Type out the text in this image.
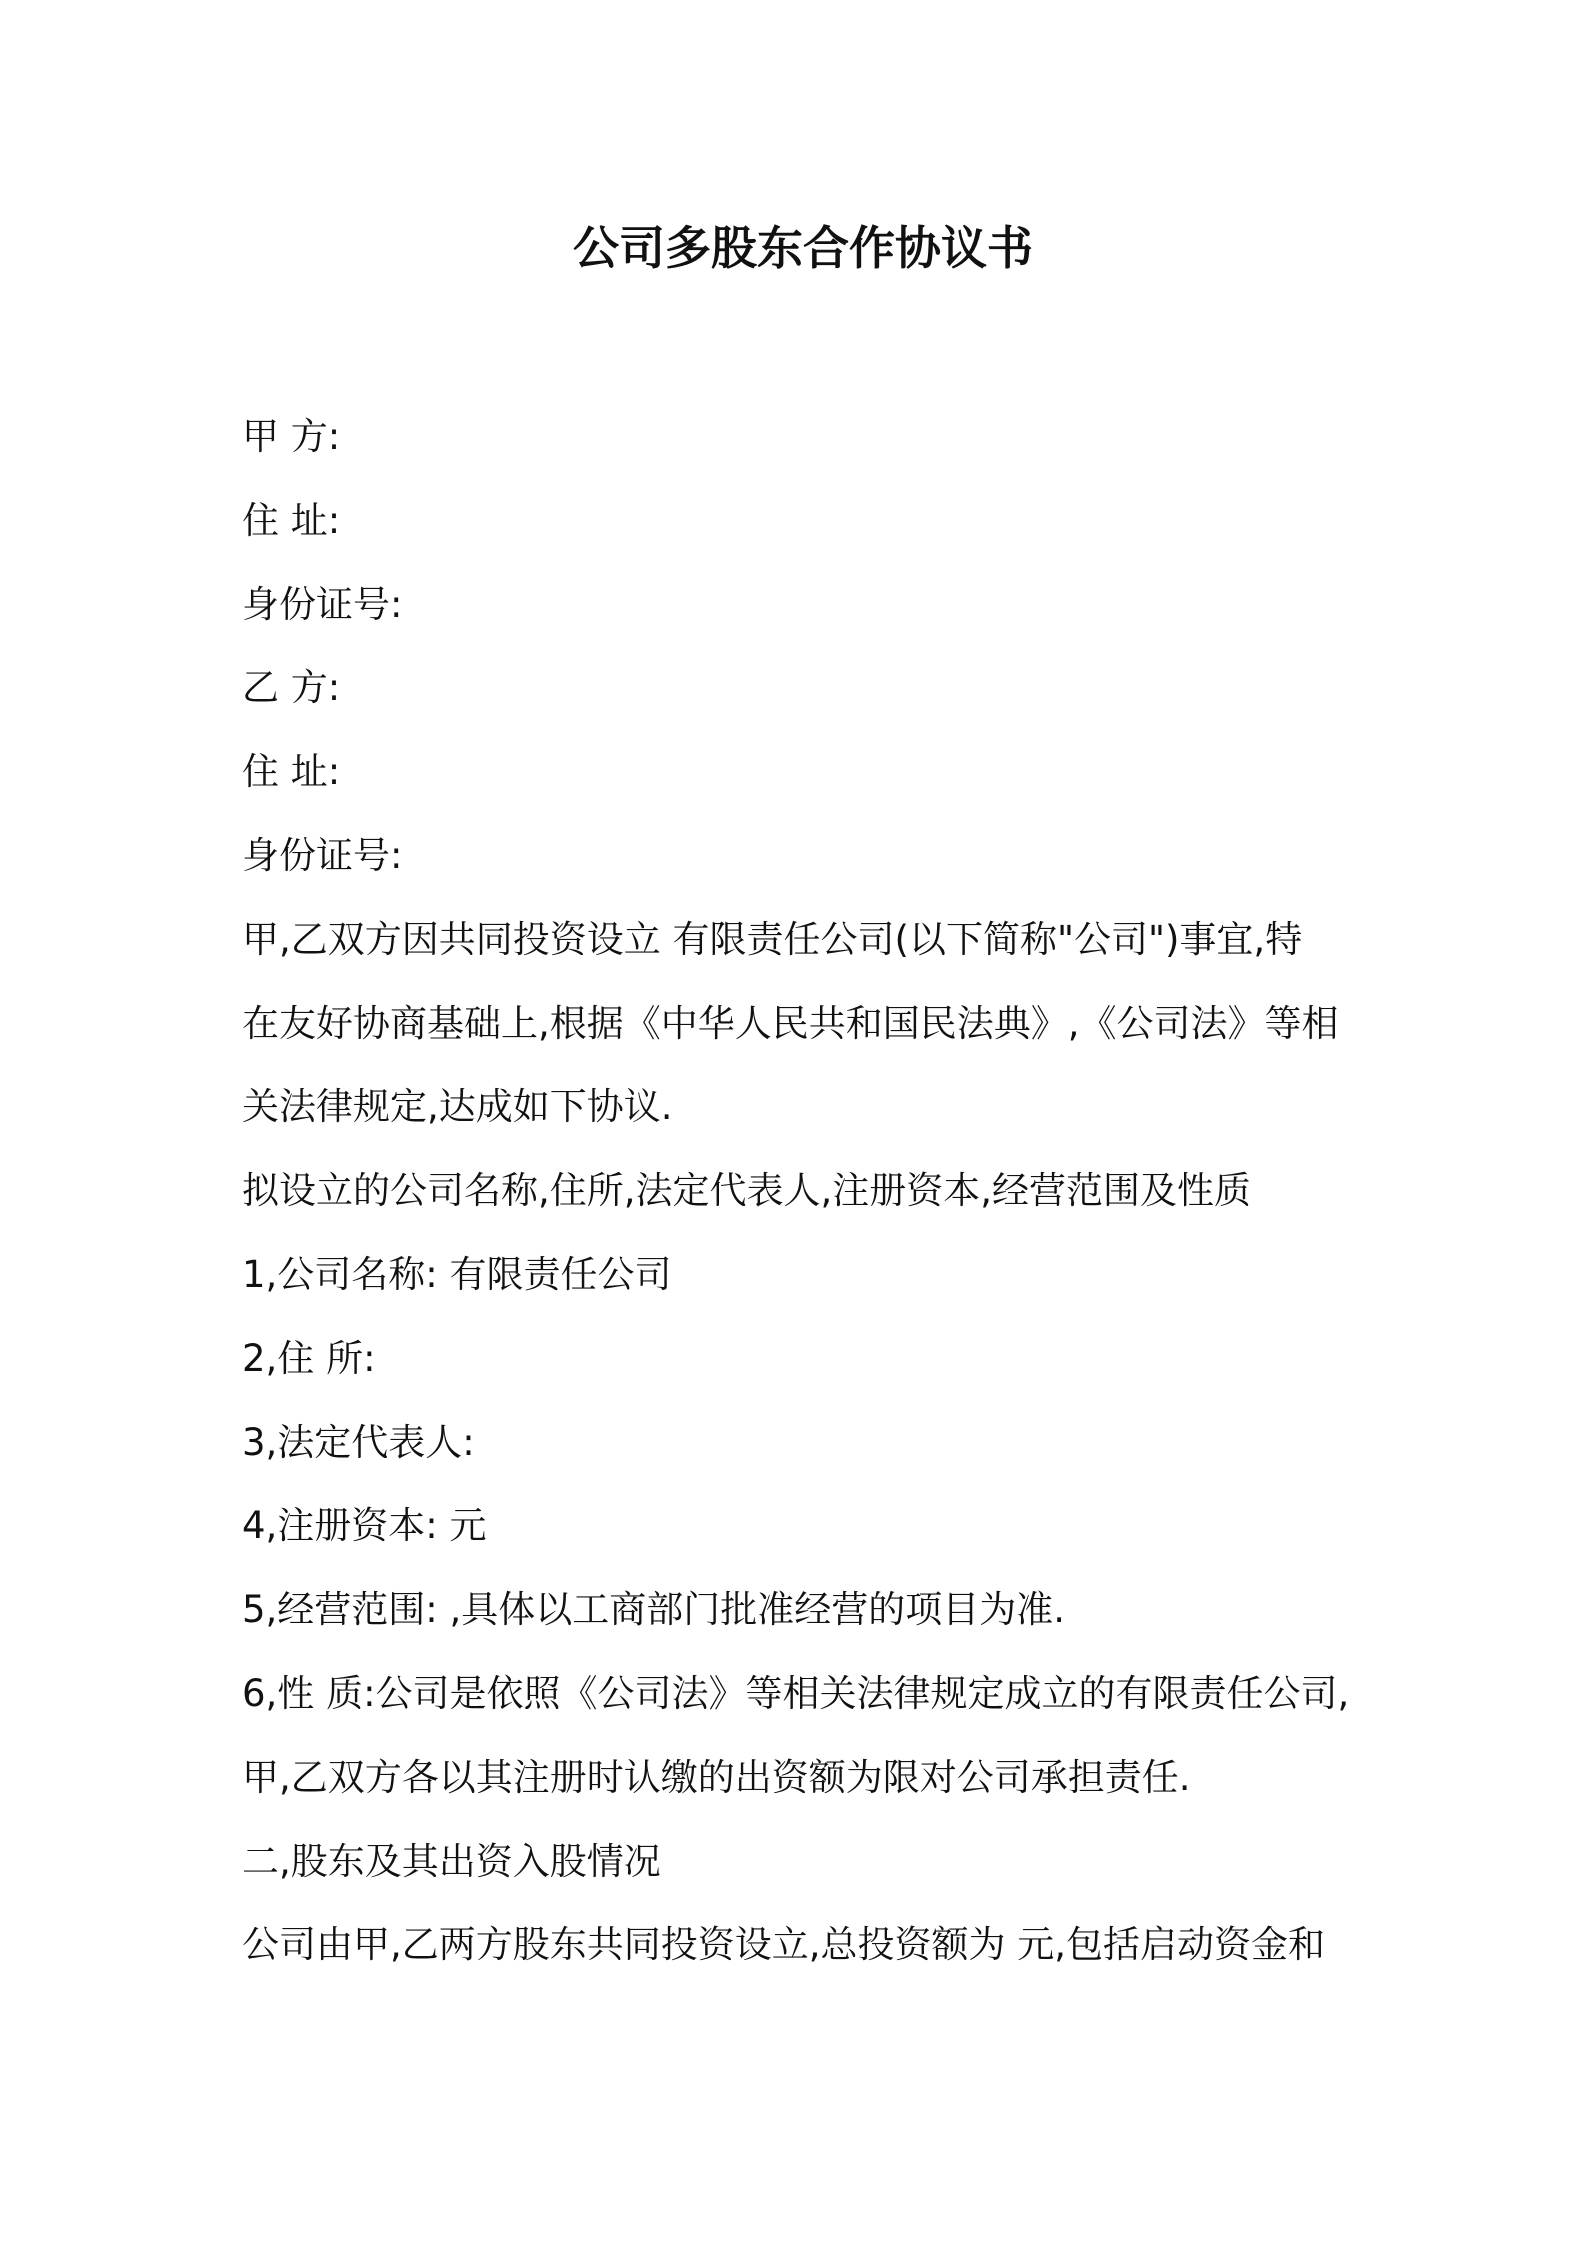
公司多股东合作协议书
甲 方:
住 址:
身份证号:
乙 方:
住 址:
身份证号:
甲,乙双方因共同投资设立 有限责任公司(以下简称"公司")事宜,特
在友好协商基础上,根据《中华人民共和国民法典》,《公司法》等相
关法律规定,达成如下协议.
拟设立的公司名称,住所,法定代表人,注册资本,经营范围及性质
1,公司名称: 有限责任公司
2,住 所:
3,法定代表人:
4,注册资本: 元
5,经营范围: ,具体以工商部门批准经营的项目为准.
6,性 质:公司是依照《公司法》等相关法律规定成立的有限责任公司,
甲,乙双方各以其注册时认缴的出资额为限对公司承担责任.
二,股东及其出资入股情况
公司由甲,乙两方股东共同投资设立,总投资额为 元,包括启动资金和
